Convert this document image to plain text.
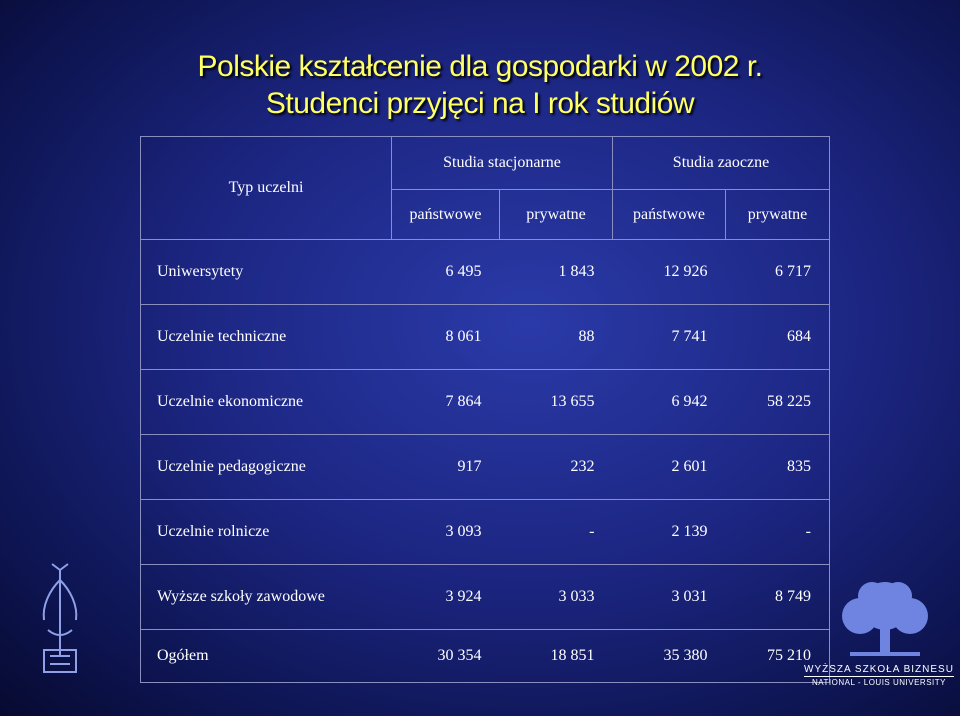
Polskie kształcenie dla gospodarki w 2002 r.
Studenci przyjęci na I rok studiów
Typ uczelni	Studia stacjonarne		Studia zaoczne	
	państwowe	prywatne	państwowe	prywatne
Uniwersytety	6 495	1 843	12 926	6 717
Uczelnie techniczne	8 061	88	7 741	684
Uczelnie ekonomiczne	7 864	13 655	6 942	58 225
Uczelnie pedagogiczne	917	232	2 601	835
Uczelnie rolnicze	3 093	-	2 139	-
Wyższe szkoły zawodowe	3 924	3 033	3 031	8 749
Ogółem	30 354	18 851	35 380	75 210
WYŻSZA SZKOŁA BIZNESU
NATIONAL - LOUIS UNIVERSITY
